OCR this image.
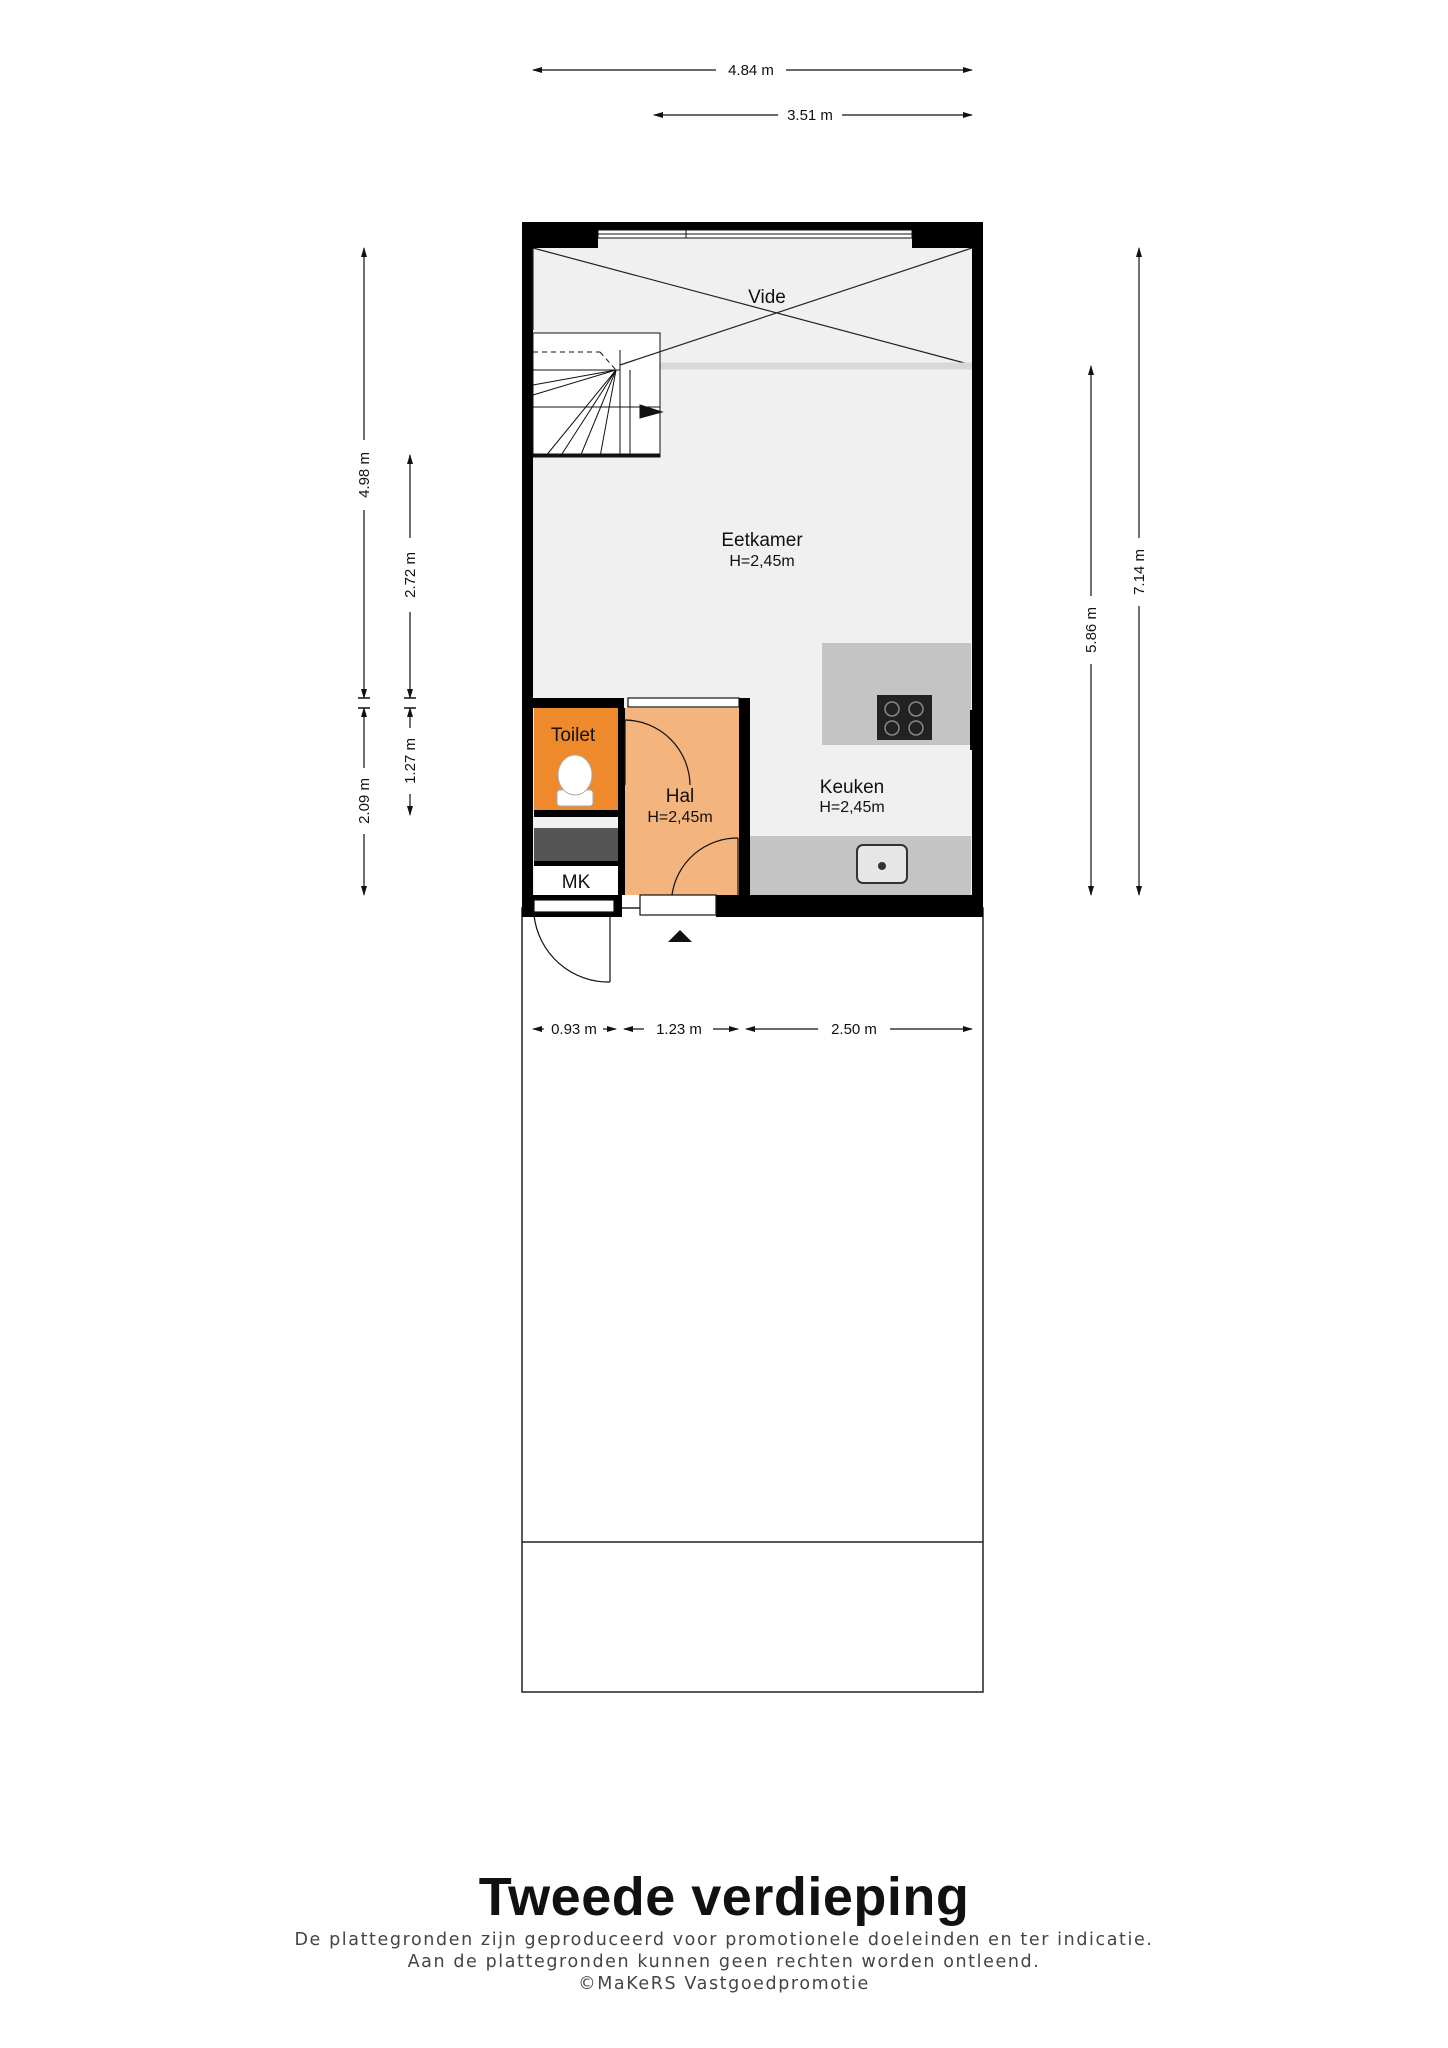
Vide
Eetkamer
H=2,45m
Keuken
H=2,45m
Hal
H=2,45m
Toilet
MK
4.84 m
3.51 m
4.98 m
2.72 m
2.09 m
1.27 m
5.86 m
7.14 m
0.93 m	1.23 m	2.50 m
Tweede verdieping
De plattegronden zijn geproduceerd voor promotionele doeleinden en ter indicatie.
Aan de plattegronden kunnen geen rechten worden ontleend.
©MaKeRS Vastgoedpromotie
